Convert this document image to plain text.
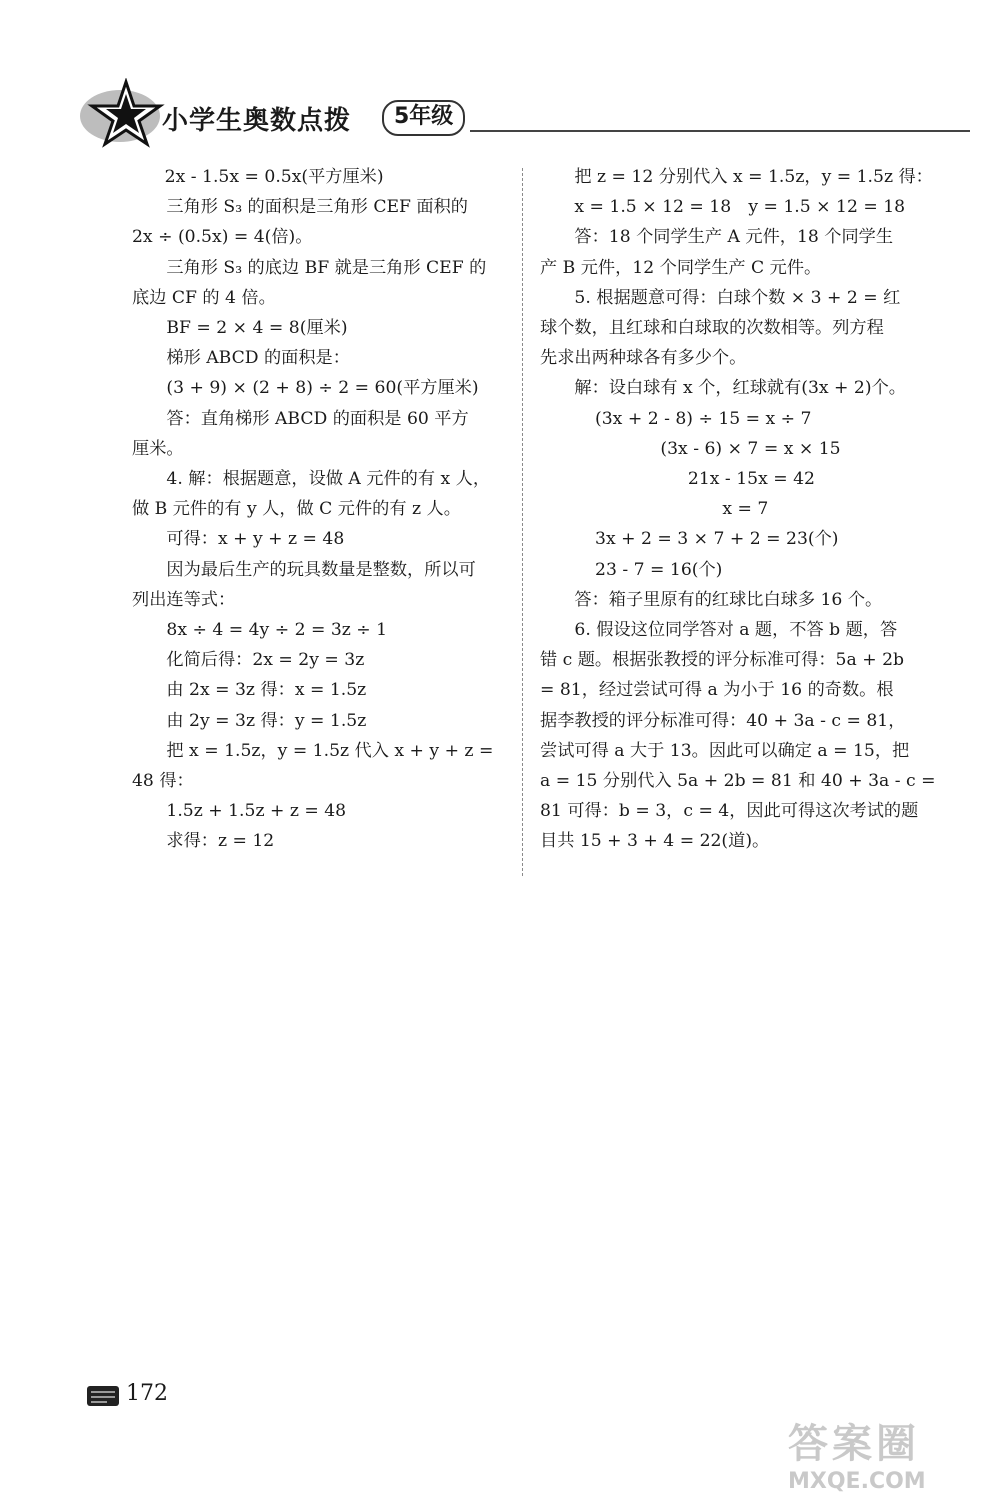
小学生奥数点拨	5年级
2x - 1.5x = 0.5x(平方厘米)
三角形 S₃ 的面积是三角形 CEF 面积的
2x ÷ (0.5x) = 4(倍)。
三角形 S₃ 的底边 BF 就是三角形 CEF 的
底边 CF 的 4 倍。
BF = 2 × 4 = 8(厘米)
梯形 ABCD 的面积是：
(3 + 9) × (2 + 8) ÷ 2 = 60(平方厘米)
答：直角梯形 ABCD 的面积是 60 平方
厘米。
4. 解：根据题意，设做 A 元件的有 x 人，
做 B 元件的有 y 人，做 C 元件的有 z 人。
可得：x + y + z = 48
因为最后生产的玩具数量是整数，所以可
列出连等式：
8x ÷ 4 = 4y ÷ 2 = 3z ÷ 1
化简后得：2x = 2y = 3z
由 2x = 3z 得：x = 1.5z
由 2y = 3z 得：y = 1.5z
把 x = 1.5z，y = 1.5z 代入 x + y + z =
48 得：
1.5z + 1.5z + z = 48
求得：z = 12
把 z = 12 分别代入 x = 1.5z，y = 1.5z 得：
x = 1.5 × 12 = 18　y = 1.5 × 12 = 18
答：18 个同学生产 A 元件，18 个同学生
产 B 元件，12 个同学生产 C 元件。
5. 根据题意可得：白球个数 × 3 + 2 = 红
球个数，且红球和白球取的次数相等。列方程
先求出两种球各有多少个。
解：设白球有 x 个，红球就有(3x + 2)个。
(3x + 2 - 8) ÷ 15 = x ÷ 7
(3x - 6) × 7 = x × 15
21x - 15x = 42
x = 7
3x + 2 = 3 × 7 + 2 = 23(个)
23 - 7 = 16(个)
答：箱子里原有的红球比白球多 16 个。
6. 假设这位同学答对 a 题，不答 b 题，答
错 c 题。根据张教授的评分标准可得：5a + 2b
= 81，经过尝试可得 a 为小于 16 的奇数。根
据李教授的评分标准可得：40 + 3a - c = 81，
尝试可得 a 大于 13。因此可以确定 a = 15，把
a = 15 分别代入 5a + 2b = 81 和 40 + 3a - c =
81 可得：b = 3，c = 4，因此可得这次考试的题
目共 15 + 3 + 4 = 22(道)。
172
答案圈
MXQE.COM
